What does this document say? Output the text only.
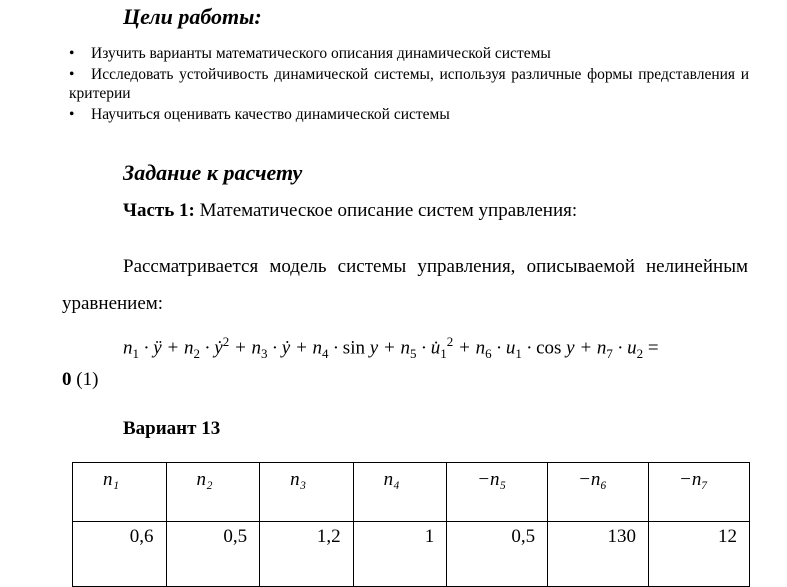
Цели работы:
•	Изучить варианты математического описания динамической системы
•	Исследовать устойчивость динамической системы, используя различные формы представления и критерии
•	Научиться оценивать качество динамической системы
Задание к расчету
Часть 1: Математическое описание систем управления:
Рассматривается модель системы управления, описываемой нелинейным уравнением:
$n_1$ · ÿ + $n_2$ · ẏ$^2$ + $n_3$ · ẏ + $n_4 \cdot \sin y + n_5$ · $u̇_1^2 + n_6 \cdot u_1 \cdot \cos y + n_7 \cdot u_2$ =
0 (1)
Вариант 13
n₁	n₂	n₃	n₄	−n₅	−n₆	−n₇
0,6	0,5	1,2	1	0,5	130	12
